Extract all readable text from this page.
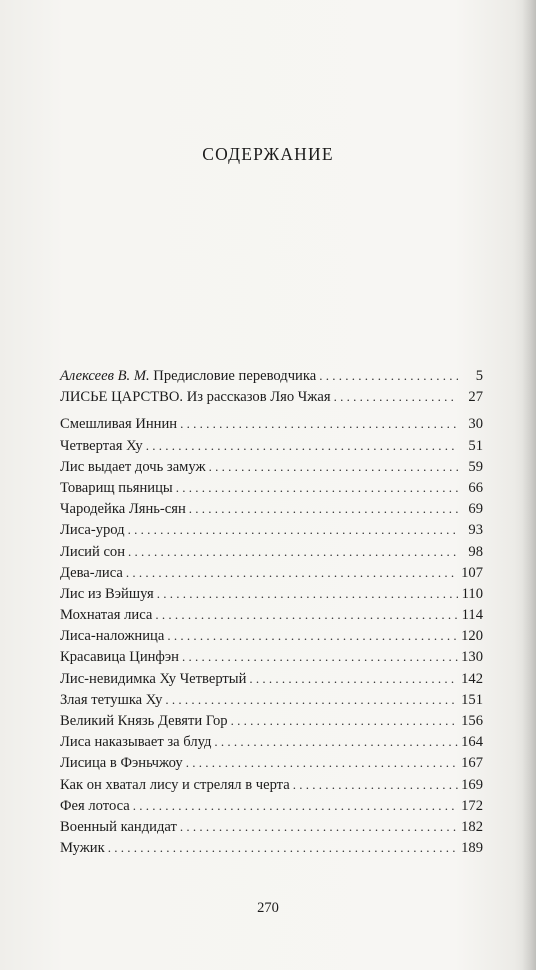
СОДЕРЖАНИЕ
Алексеев В. М. Предисловие переводчика . . .	5
ЛИСЬЕ ЦАРСТВО. Из рассказов Ляо Чжая . . .	27
Смешливая Иннин . . .	30
Четвертая Ху . . .	51
Лис выдает дочь замуж . . .	59
Товарищ пьяницы . . .	66
Чародейка Лянь-сян . . .	69
Лиса-урод . . .	93
Лисий сон . . .	98
Дева-лиса . . .	107
Лис из Вэйшуя . . .	110
Мохнатая лиса . . .	114
Лиса-наложница . . .	120
Красавица Цинфэн . . .	130
Лис-невидимка Ху Четвертый . . .	142
Злая тетушка Ху . . .	151
Великий Князь Девяти Гор . . .	156
Лиса наказывает за блуд . . .	164
Лисица в Фэньчжоу . . .	167
Как он хватал лису и стрелял в черта . . .	169
Фея лотоса . . .	172
Военный кандидат . . .	182
Мужик . . .	189
270
